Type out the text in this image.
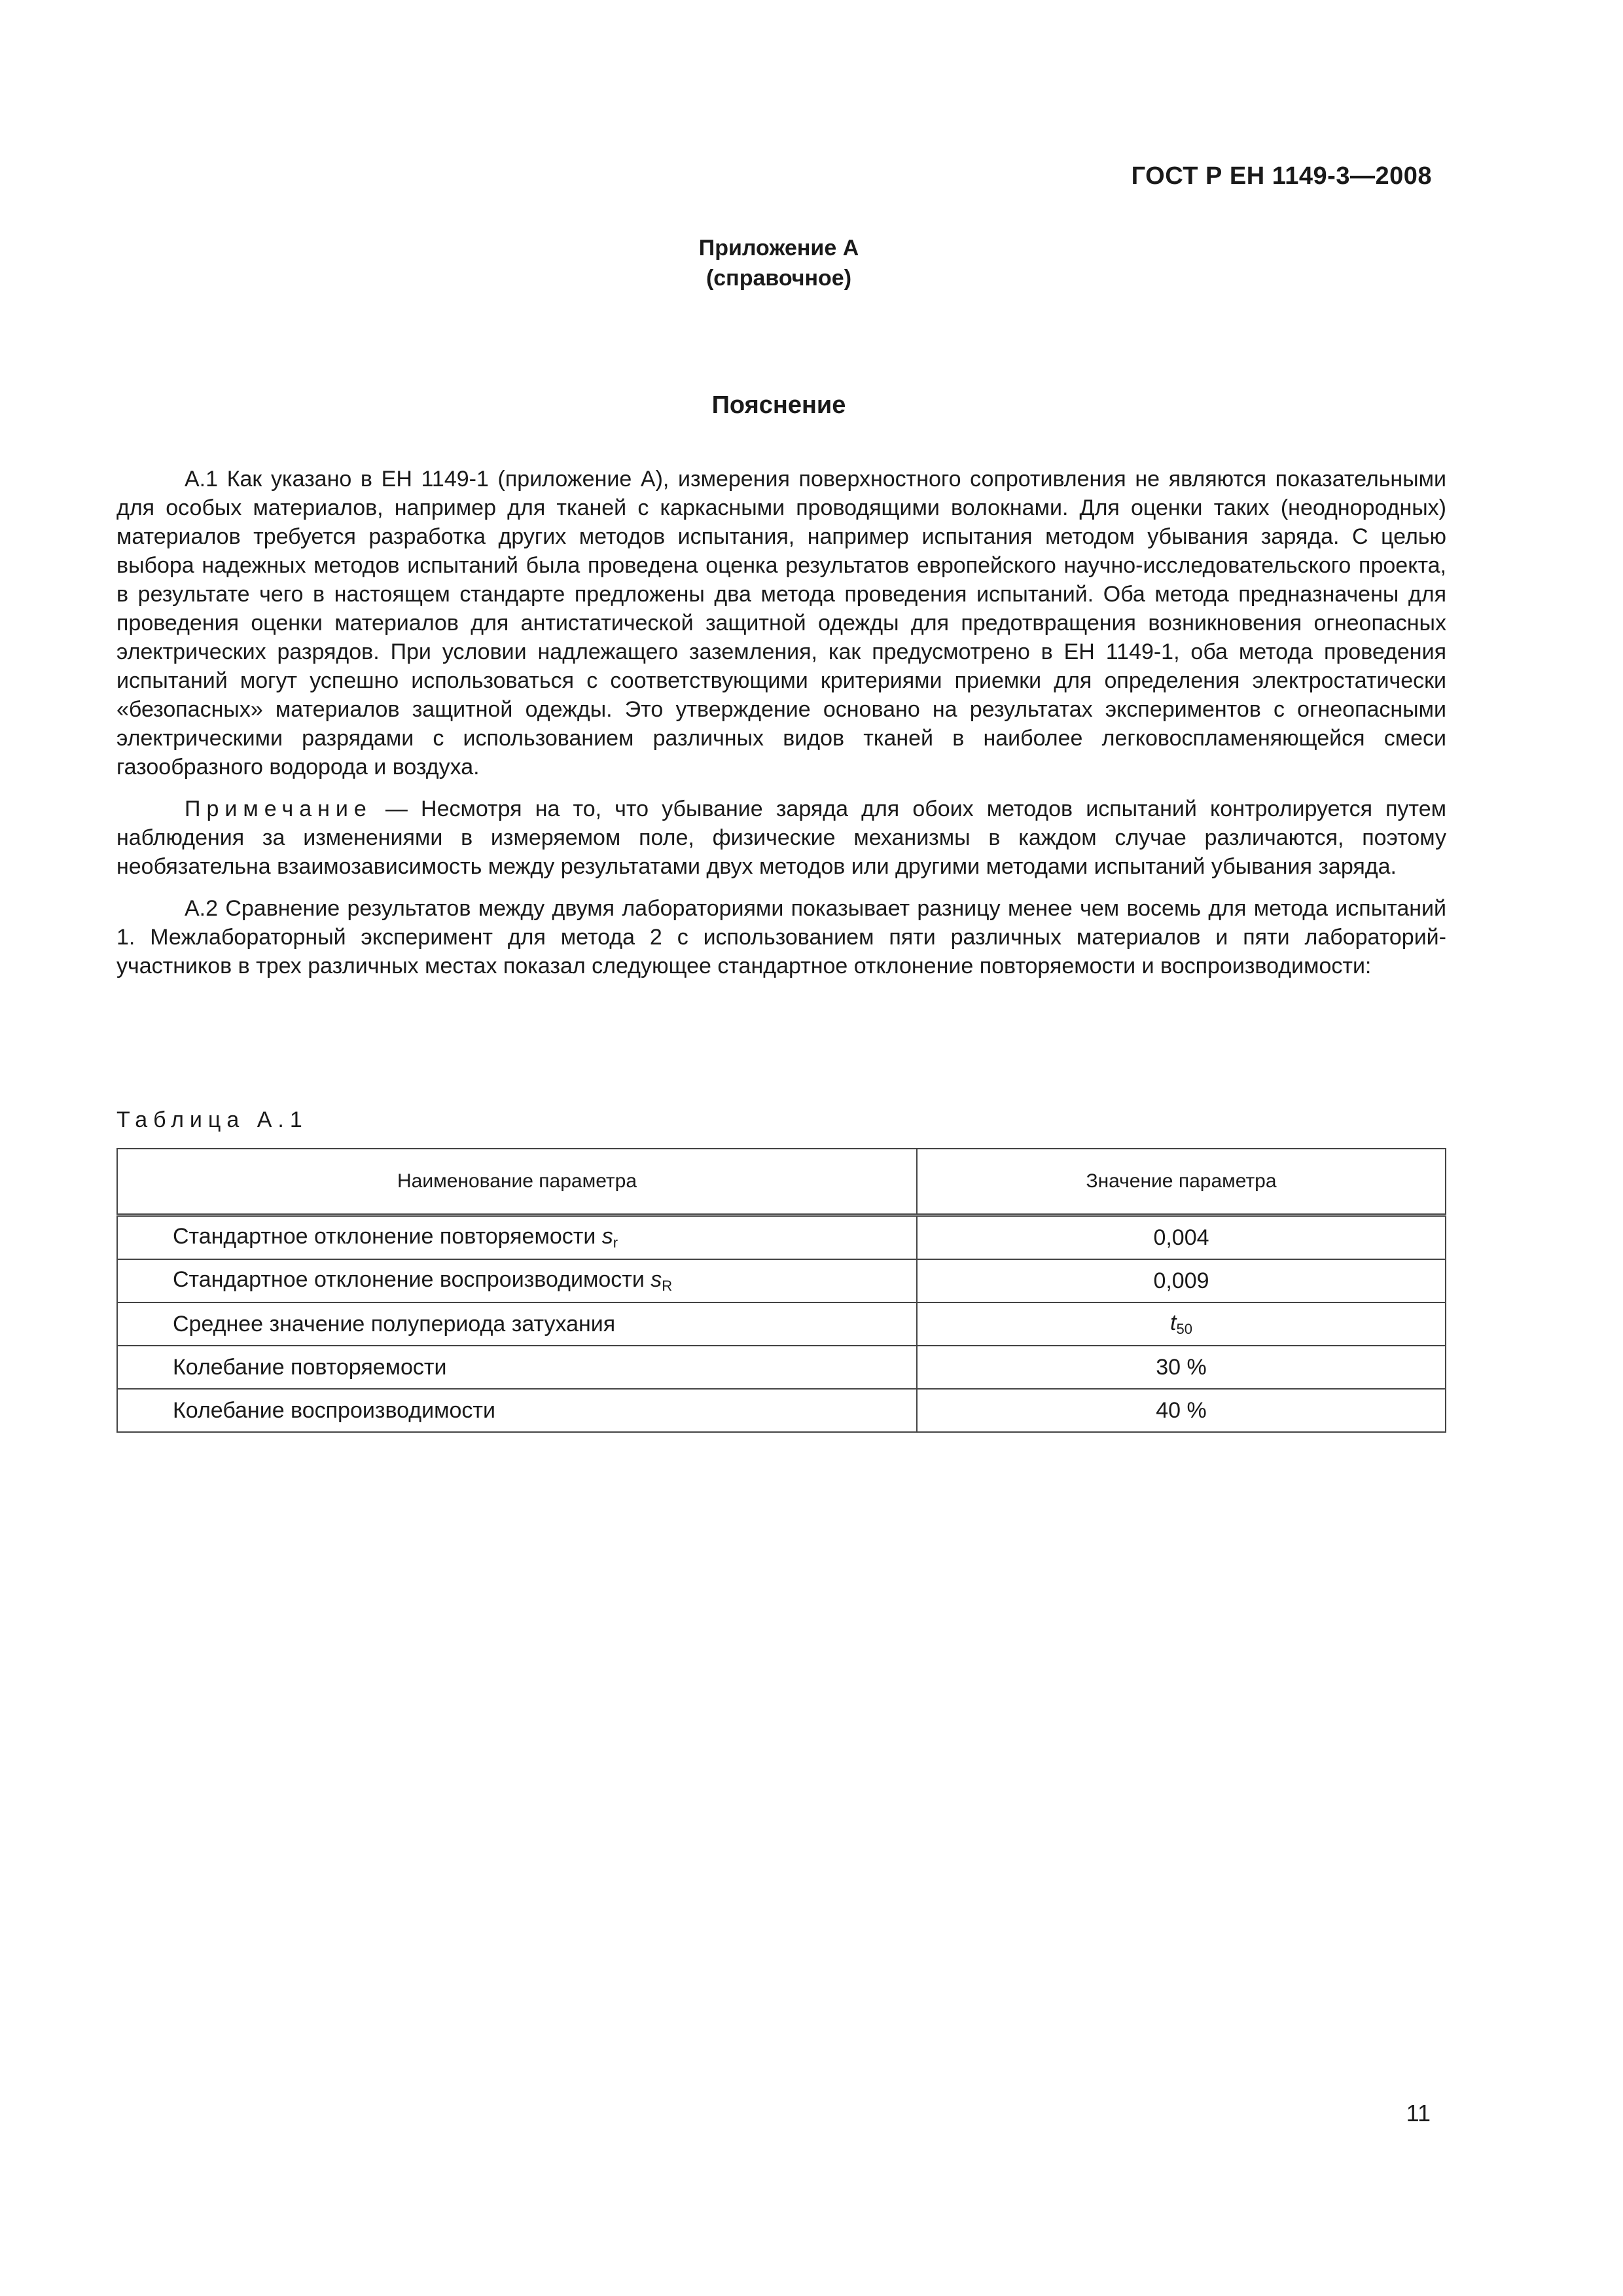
ГОСТ Р ЕН 1149-3—2008
Приложение А
(справочное)
Пояснение

А.1 Как указано в ЕН 1149-1 (приложение А), измерения поверхностного сопротивления не являются показательными для особых материалов, например для тканей с каркасными проводящими волокнами. Для оценки таких (неоднородных) материалов требуется разработка других методов испытания, например испытания методом убывания заряда. С целью выбора надежных методов испытаний была проведена оценка результатов европейского научно-исследовательского проекта, в результате чего в настоящем стандарте предложены два метода проведения испытаний. Оба метода предназначены для проведения оценки материалов для антистатической защитной одежды для предотвращения возникновения огнеопасных электрических разрядов. При условии надлежащего заземления, как предусмотрено в ЕН 1149-1, оба метода проведения испытаний могут успешно использоваться с соответствующими критериями приемки для определения электростатически «безопасных» материалов защитной одежды. Это утверждение основано на результатах экспериментов с огнеопасными электрическими разрядами с использованием различных видов тканей в наиболее легковоспламеняющейся смеси газообразного водорода и воздуха.

Примечание — Несмотря на то, что убывание заряда для обоих методов испытаний контролируется путем наблюдения за изменениями в измеряемом поле, физические механизмы в каждом случае различаются, поэтому необязательна взаимозависимость между результатами двух методов или другими методами испытаний убывания заряда.

А.2 Сравнение результатов между двумя лабораториями показывает разницу менее чем восемь для метода испытаний 1. Межлабораторный эксперимент для метода 2 с использованием пяти различных материалов и пяти лабораторий-участников в трех различных местах показал следующее стандартное отклонение повторяемости и воспроизводимости:

Таблица А.1
Наименование параметра	Значение параметра
Стандартное отклонение повторяемости $s_r$	0,004
Стандартное отклонение воспроизводимости $s_R$	0,009
Среднее значение полупериода затухания	$t_{50}$
Колебание повторяемости	30 %
Колебание воспроизводимости	40 %
11
